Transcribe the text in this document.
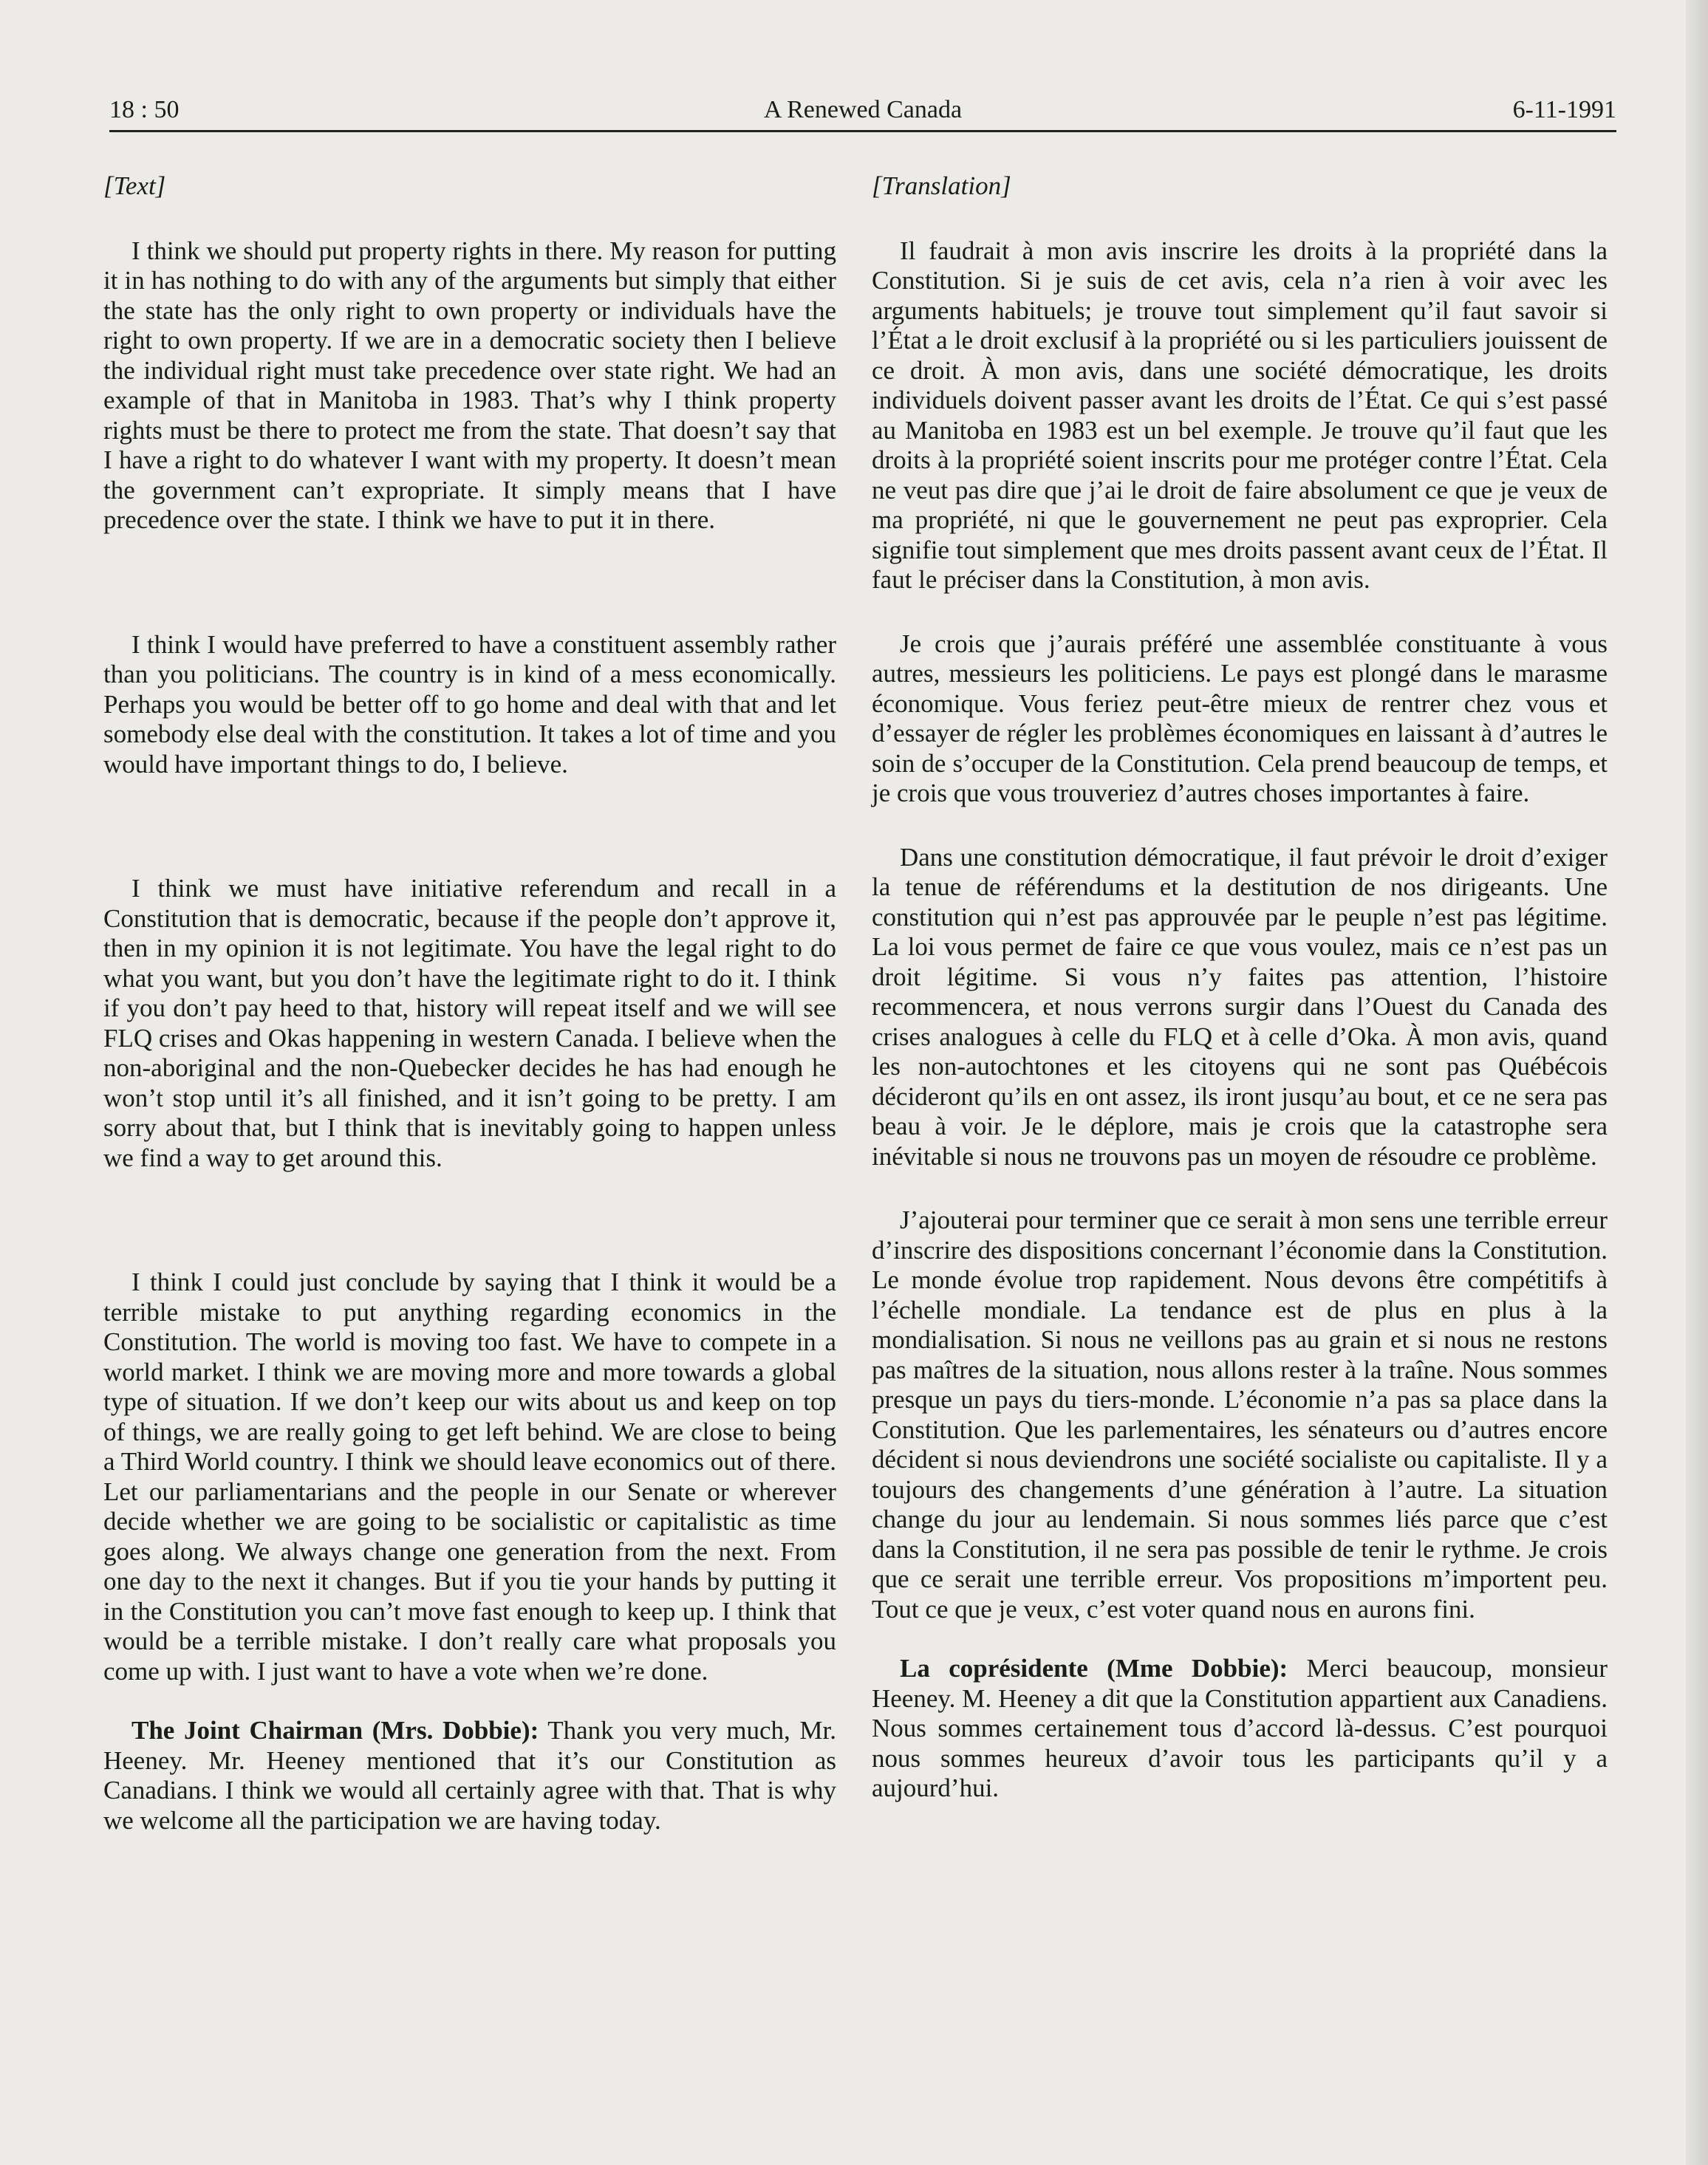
18 : 50	A Renewed Canada	6-11-1991

[Text]

I think we should put property rights in there. My reason for putting it in has nothing to do with any of the arguments but simply that either the state has the only right to own property or individuals have the right to own property. If we are in a democratic society then I believe the individual right must take precedence over state right. We had an example of that in Manitoba in 1983. That’s why I think property rights must be there to protect me from the state. That doesn’t say that I have a right to do whatever I want with my property. It doesn’t mean the government can’t expropriate. It simply means that I have precedence over the state. I think we have to put it in there.

I think I would have preferred to have a constituent assembly rather than you politicians. The country is in kind of a mess economically. Perhaps you would be better off to go home and deal with that and let somebody else deal with the constitution. It takes a lot of time and you would have important things to do, I believe.

I think we must have initiative referendum and recall in a Constitution that is democratic, because if the people don’t approve it, then in my opinion it is not legitimate. You have the legal right to do what you want, but you don’t have the legitimate right to do it. I think if you don’t pay heed to that, history will repeat itself and we will see FLQ crises and Okas happening in western Canada. I believe when the non-aboriginal and the non-Quebecker decides he has had enough he won’t stop until it’s all finished, and it isn’t going to be pretty. I am sorry about that, but I think that is inevitably going to happen unless we find a way to get around this.

I think I could just conclude by saying that I think it would be a terrible mistake to put anything regarding economics in the Constitution. The world is moving too fast. We have to compete in a world market. I think we are moving more and more towards a global type of situation. If we don’t keep our wits about us and keep on top of things, we are really going to get left behind. We are close to being a Third World country. I think we should leave economics out of there. Let our parliamentarians and the people in our Senate or wherever decide whether we are going to be socialistic or capitalistic as time goes along. We always change one generation from the next. From one day to the next it changes. But if you tie your hands by putting it in the Constitution you can’t move fast enough to keep up. I think that would be a terrible mistake. I don’t really care what proposals you come up with. I just want to have a vote when we’re done.

The Joint Chairman (Mrs. Dobbie): Thank you very much, Mr. Heeney. Mr. Heeney mentioned that it’s our Constitution as Canadians. I think we would all certainly agree with that. That is why we welcome all the participation we are having today.

[Translation]

Il faudrait à mon avis inscrire les droits à la propriété dans la Constitution. Si je suis de cet avis, cela n’a rien à voir avec les arguments habituels; je trouve tout simplement qu’il faut savoir si l’État a le droit exclusif à la propriété ou si les particuliers jouissent de ce droit. À mon avis, dans une société démocratique, les droits individuels doivent passer avant les droits de l’État. Ce qui s’est passé au Manitoba en 1983 est un bel exemple. Je trouve qu’il faut que les droits à la propriété soient inscrits pour me protéger contre l’État. Cela ne veut pas dire que j’ai le droit de faire absolument ce que je veux de ma propriété, ni que le gouvernement ne peut pas exproprier. Cela signifie tout simplement que mes droits passent avant ceux de l’État. Il faut le préciser dans la Constitution, à mon avis.

Je crois que j’aurais préféré une assemblée constituante à vous autres, messieurs les politiciens. Le pays est plongé dans le marasme économique. Vous feriez peut-être mieux de rentrer chez vous et d’essayer de régler les problèmes économiques en laissant à d’autres le soin de s’occuper de la Constitution. Cela prend beaucoup de temps, et je crois que vous trouveriez d’autres choses importantes à faire.

Dans une constitution démocratique, il faut prévoir le droit d’exiger la tenue de référendums et la destitution de nos dirigeants. Une constitution qui n’est pas approuvée par le peuple n’est pas légitime. La loi vous permet de faire ce que vous voulez, mais ce n’est pas un droit légitime. Si vous n’y faites pas attention, l’histoire recommencera, et nous verrons surgir dans l’Ouest du Canada des crises analogues à celle du FLQ et à celle d’Oka. À mon avis, quand les non-autochtones et les citoyens qui ne sont pas Québécois décideront qu’ils en ont assez, ils iront jusqu’au bout, et ce ne sera pas beau à voir. Je le déplore, mais je crois que la catastrophe sera inévitable si nous ne trouvons pas un moyen de résoudre ce problème.

J’ajouterai pour terminer que ce serait à mon sens une terrible erreur d’inscrire des dispositions concernant l’économie dans la Constitution. Le monde évolue trop rapidement. Nous devons être compétitifs à l’échelle mondiale. La tendance est de plus en plus à la mondialisation. Si nous ne veillons pas au grain et si nous ne restons pas maîtres de la situation, nous allons rester à la traîne. Nous sommes presque un pays du tiers-monde. L’économie n’a pas sa place dans la Constitution. Que les parlementaires, les sénateurs ou d’autres encore décident si nous deviendrons une société socialiste ou capitaliste. Il y a toujours des changements d’une génération à l’autre. La situation change du jour au lendemain. Si nous sommes liés parce que c’est dans la Constitution, il ne sera pas possible de tenir le rythme. Je crois que ce serait une terrible erreur. Vos propositions m’importent peu. Tout ce que je veux, c’est voter quand nous en aurons fini.

La coprésidente (Mme Dobbie): Merci beaucoup, monsieur Heeney. M. Heeney a dit que la Constitution appartient aux Canadiens. Nous sommes certainement tous d’accord là-dessus. C’est pourquoi nous sommes heureux d’avoir tous les participants qu’il y a aujourd’hui.
